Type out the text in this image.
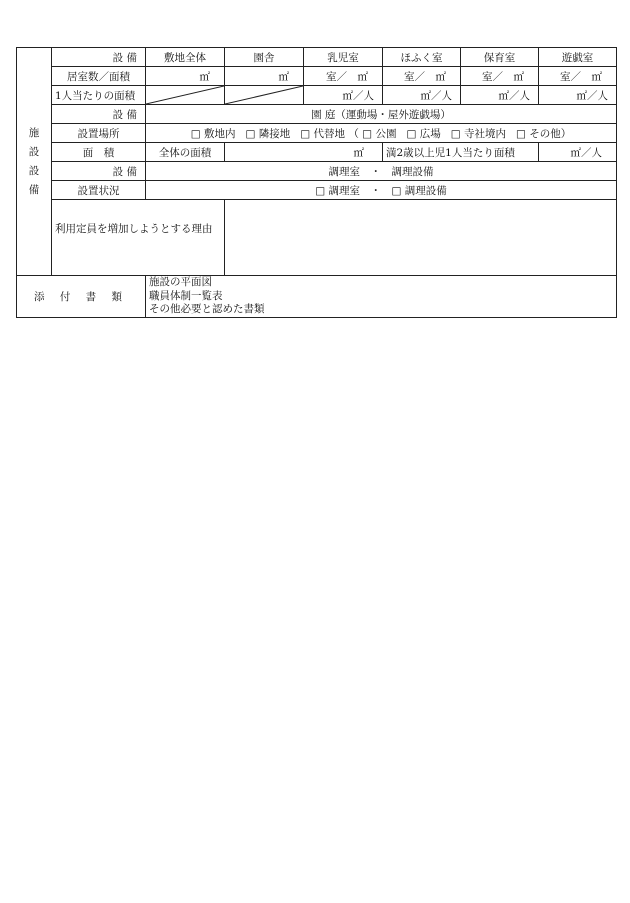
施
設
設
備	設 備	敷地全体	園舎	乳児室	ほふく室	保育室	遊戯室
	居室数／面積	㎡	㎡	室／　㎡	室／　㎡	室／　㎡	室／　㎡
	1人当たりの面積			㎡／人	㎡／人	㎡／人	㎡／人
	設 備	園 庭（運動場・屋外遊戯場）					
	設置場所	□ 敷地内 □ 隣接地 □ 代替地 （ □ 公園 □ 広場 □ 寺社境内 □ その他）					
	面　積	全体の面積	㎡		満2歳以上児1人当たり面積		㎡／人
	設 備	調理室　・　調理設備					
	設置状況	□ 調理室　・　□ 調理設備					
	利用定員を増加しようとする理由						
添 付 書 類		施設の平面図
職員体制一覧表
その他必要と認めた書類					
